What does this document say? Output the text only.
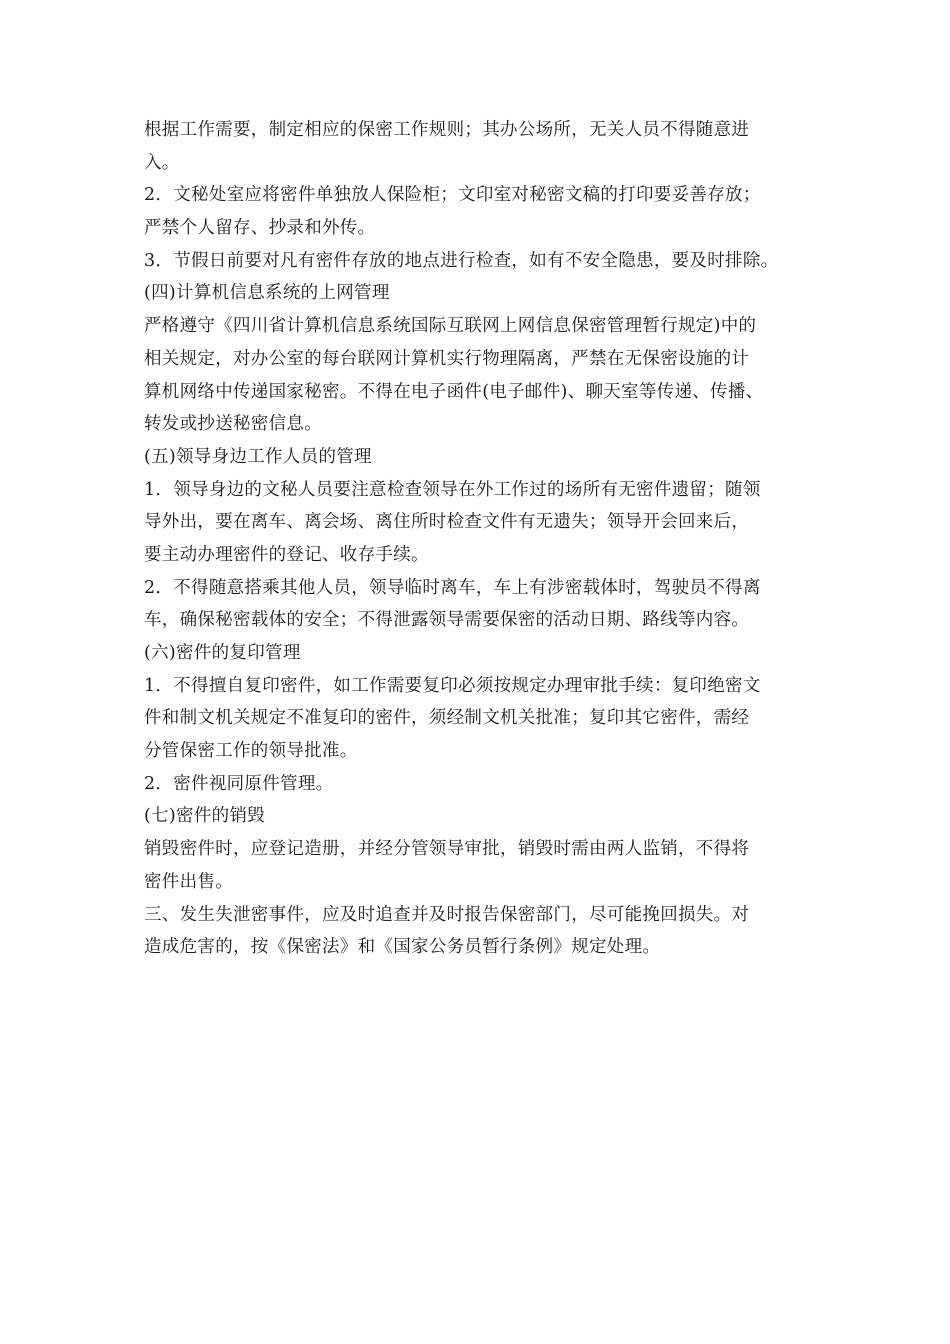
根据工作需要，制定相应的保密工作规则；其办公场所，无关人员不得随意进
入。
2．文秘处室应将密件单独放人保险柜；文印室对秘密文稿的打印要妥善存放；
严禁个人留存、抄录和外传。
3．节假日前要对凡有密件存放的地点进行检查，如有不安全隐患，要及时排除。
(四)计算机信息系统的上网管理
严格遵守《四川省计算机信息系统国际互联网上网信息保密管理暂行规定)中的
相关规定，对办公室的每台联网计算机实行物理隔离，严禁在无保密设施的计
算机网络中传递国家秘密。不得在电子函件(电子邮件)、聊天室等传递、传播、
转发或抄送秘密信息。
(五)领导身边工作人员的管理
1．领导身边的文秘人员要注意检查领导在外工作过的场所有无密件遗留；随领
导外出，要在离车、离会场、离住所时检查文件有无遗失；领导开会回来后，
要主动办理密件的登记、收存手续。
2．不得随意搭乘其他人员，领导临时离车，车上有涉密载体时，驾驶员不得离
车，确保秘密载体的安全；不得泄露领导需要保密的活动日期、路线等内容。
(六)密件的复印管理
1．不得擅自复印密件，如工作需要复印必须按规定办理审批手续：复印绝密文
件和制文机关规定不准复印的密件，须经制文机关批准；复印其它密件，需经
分管保密工作的领导批准。
2．密件视同原件管理。
(七)密件的销毁
销毁密件时，应登记造册，并经分管领导审批，销毁时需由两人监销，不得将
密件出售。
三、发生失泄密事件，应及时追查并及时报告保密部门，尽可能挽回损失。对
造成危害的，按《保密法》和《国家公务员暂行条例》规定处理。
